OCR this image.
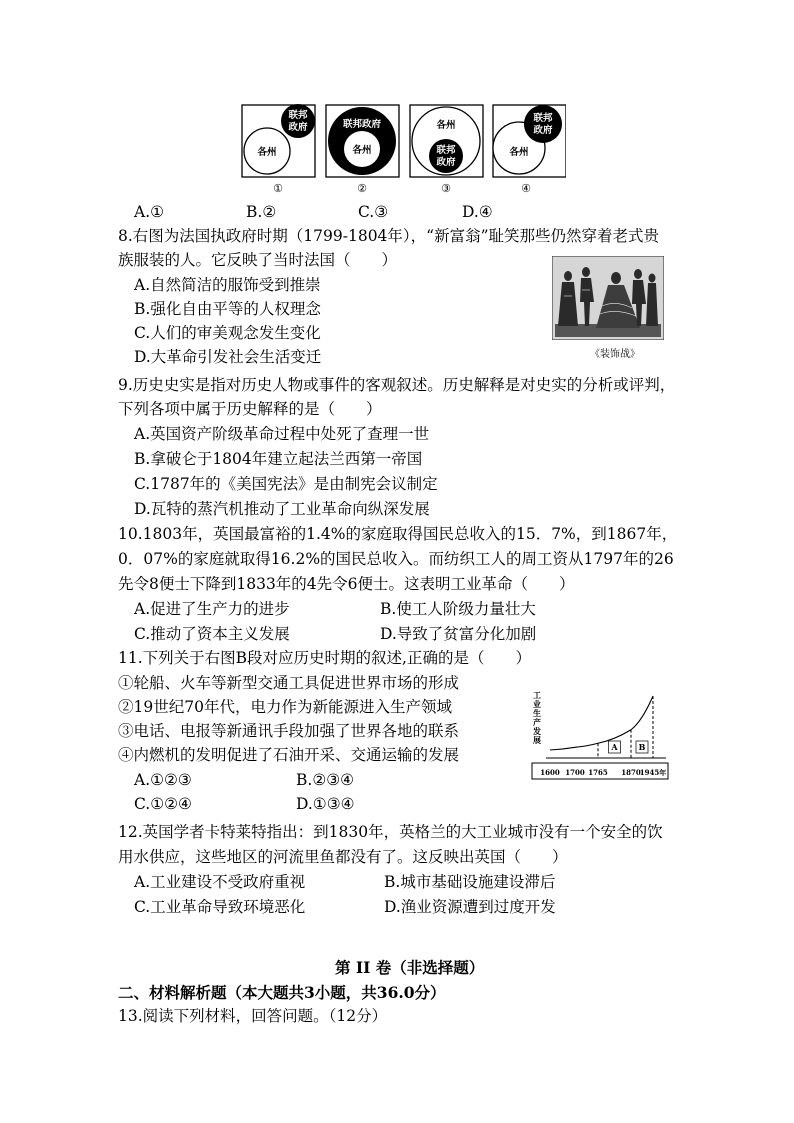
各州
联邦
政府
①
联邦政府
各州
②
各州
联邦
政府
③
各州
联邦
政府
④
A.①	B.②	C.③	D.④
8.右图为法国执政府时期（1799-1804年），“新富翁”耻笑那些仍然穿着老式贵
族服装的人。它反映了当时法国（　　）
A.自然简洁的服饰受到推崇
B.强化自由平等的人权理念
C.人们的审美观念发生变化
D.大革命引发社会生活变迁	《装饰战》
9.历史史实是指对历史人物或事件的客观叙述。历史解释是对史实的分析或评判，
下列各项中属于历史解释的是（　　）
A.英国资产阶级革命过程中处死了查理一世
B.拿破仑于1804年建立起法兰西第一帝国
C.1787年的《美国宪法》是由制宪会议制定
D.瓦特的蒸汽机推动了工业革命向纵深发展
10.1803年，英国最富裕的1.4%的家庭取得国民总收入的15．7%，到1867年，
0．07%的家庭就取得16.2%的国民总收入。而纺织工人的周工资从1797年的26
先令8便士下降到1833年的4先令6便士。这表明工业革命（　　）
A.促进了生产力的进步	B.使工人阶级力量壮大
C.推动了资本主义发展	D.导致了贫富分化加剧
11.下列关于右图B段对应历史时期的叙述,正确的是（　　）
①轮船、火车等新型交通工具促进世界市场的形成
②19世纪70年代，电力作为新能源进入生产领域
③电话、电报等新通讯手段加强了世界各地的联系
④内燃机的发明促进了石油开采、交通运输的发展
A.①②③	B.②③④
C.①②④	D.①③④
工
业
生
产
发
展
A	B
1600 1700 1765 1870 1945年
12.英国学者卡特莱特指出：到1830年，英格兰的大工业城市没有一个安全的饮
用水供应，这些地区的河流里鱼都没有了。这反映出英国（　　）
A.工业建设不受政府重视	B.城市基础设施建设滞后
C.工业革命导致环境恶化	D.渔业资源遭到过度开发
第 II 卷（非选择题）
二、材料解析题（本大题共3小题，共36.0分）
13.阅读下列材料，回答问题。（12分）
